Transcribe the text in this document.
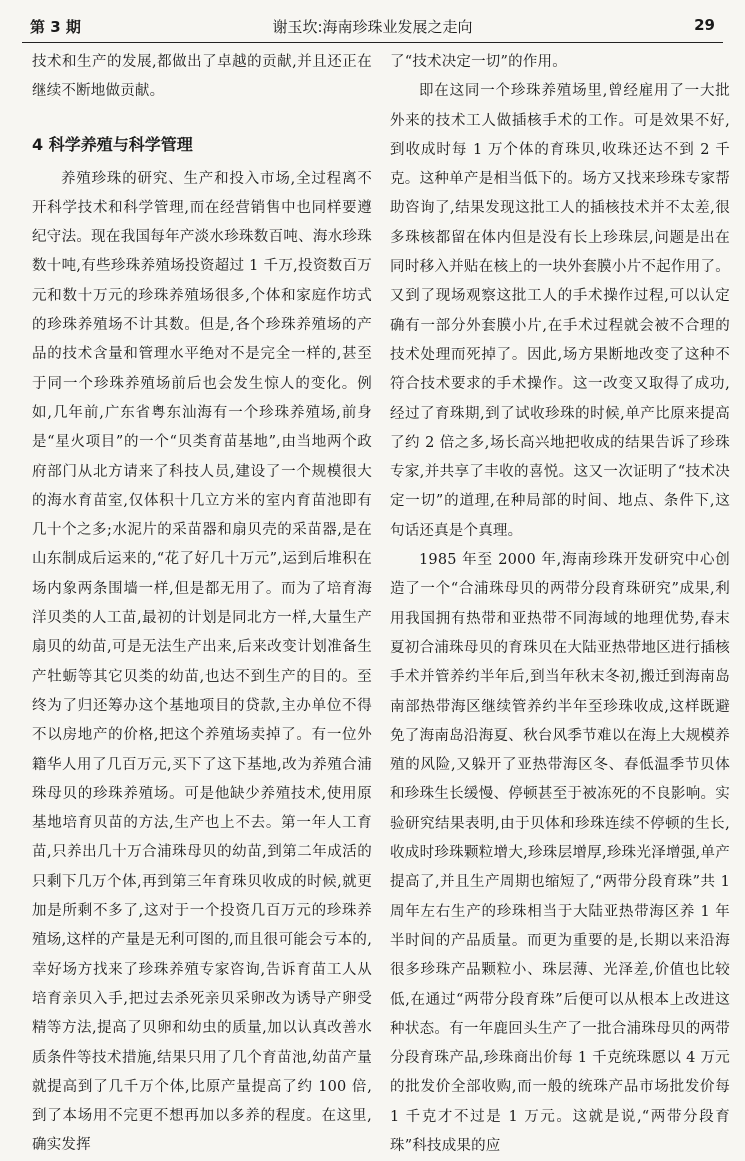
第 3 期	谢玉坎:海南珍珠业发展之走向	29

技术和生产的发展,都做出了卓越的贡献,并且还正在继续不断地做贡献。

4 科学养殖与科学管理

养殖珍珠的研究、生产和投入市场,全过程离不开科学技术和科学管理,而在经营销售中也同样要遵纪守法。现在我国每年产淡水珍珠数百吨、海水珍珠数十吨,有些珍珠养殖场投资超过 1 千万,投资数百万元和数十万元的珍珠养殖场很多,个体和家庭作坊式的珍珠养殖场不计其数。但是,各个珍珠养殖场的产品的技术含量和管理水平绝对不是完全一样的,甚至于同一个珍珠养殖场前后也会发生惊人的变化。例如,几年前,广东省粤东汕海有一个珍珠养殖场,前身是“星火项目”的一个“贝类育苗基地”,由当地两个政府部门从北方请来了科技人员,建设了一个规模很大的海水育苗室,仅体积十几立方米的室内育苗池即有几十个之多;水泥片的采苗器和扇贝壳的采苗器,是在山东制成后运来的,“花了好几十万元”,运到后堆积在场内象两条围墙一样,但是都无用了。而为了培育海洋贝类的人工苗,最初的计划是同北方一样,大量生产扇贝的幼苗,可是无法生产出来,后来改变计划准备生产牡蛎等其它贝类的幼苗,也达不到生产的目的。至终为了归还筹办这个基地项目的贷款,主办单位不得不以房地产的价格,把这个养殖场卖掉了。有一位外籍华人用了几百万元,买下了这下基地,改为养殖合浦珠母贝的珍珠养殖场。可是他缺少养殖技术,使用原基地培育贝苗的方法,生产也上不去。第一年人工育苗,只养出几十万合浦珠母贝的幼苗,到第二年成活的只剩下几万个体,再到第三年育珠贝收成的时候,就更加是所剩不多了,这对于一个投资几百万元的珍珠养殖场,这样的产量是无利可图的,而且很可能会亏本的,幸好场方找来了珍珠养殖专家咨询,告诉育苗工人从培育亲贝入手,把过去杀死亲贝采卵改为诱导产卵受精等方法,提高了贝卵和幼虫的质量,加以认真改善水质条件等技术措施,结果只用了几个育苗池,幼苗产量就提高到了几千万个体,比原产量提高了约 100 倍,到了本场用不完更不想再加以多养的程度。在这里,确实发挥

了“技术决定一切”的作用。

即在这同一个珍珠养殖场里,曾经雇用了一大批外来的技术工人做插核手术的工作。可是效果不好,到收成时每 1 万个体的育珠贝,收珠还达不到 2 千克。这种单产是相当低下的。场方又找来珍珠专家帮助咨询了,结果发现这批工人的插核技术并不太差,很多珠核都留在体内但是没有长上珍珠层,问题是出在同时移入并贴在核上的一块外套膜小片不起作用了。又到了现场观察这批工人的手术操作过程,可以认定确有一部分外套膜小片,在手术过程就会被不合理的技术处理而死掉了。因此,场方果断地改变了这种不符合技术要求的手术操作。这一改变又取得了成功,经过了育珠期,到了试收珍珠的时候,单产比原来提高了约 2 倍之多,场长高兴地把收成的结果告诉了珍珠专家,并共享了丰收的喜悦。这又一次证明了“技术决定一切”的道理,在种局部的时间、地点、条件下,这句话还真是个真理。

1985 年至 2000 年,海南珍珠开发研究中心创造了一个“合浦珠母贝的两带分段育珠研究”成果,利用我国拥有热带和亚热带不同海域的地理优势,春末夏初合浦珠母贝的育珠贝在大陆亚热带地区进行插核手术并管养约半年后,到当年秋末冬初,搬迁到海南岛南部热带海区继续管养约半年至珍珠收成,这样既避免了海南岛沿海夏、秋台风季节难以在海上大规模养殖的风险,又躲开了亚热带海区冬、春低温季节贝体和珍珠生长缓慢、停顿甚至于被冻死的不良影响。实验研究结果表明,由于贝体和珍珠连续不停顿的生长,收成时珍珠颗粒增大,珍珠层增厚,珍珠光泽增强,单产提高了,并且生产周期也缩短了,“两带分段育珠”共 1 周年左右生产的珍珠相当于大陆亚热带海区养 1 年半时间的产品质量。而更为重要的是,长期以来沿海很多珍珠产品颗粒小、珠层薄、光泽差,价值也比较低,在通过“两带分段育珠”后便可以从根本上改进这种状态。有一年鹿回头生产了一批合浦珠母贝的两带分段育珠产品,珍珠商出价每 1 千克统珠愿以 4 万元的批发价全部收购,而一般的统珠产品市场批发价每 1 千克才不过是 1 万元。这就是说,“两带分段育珠”科技成果的应
